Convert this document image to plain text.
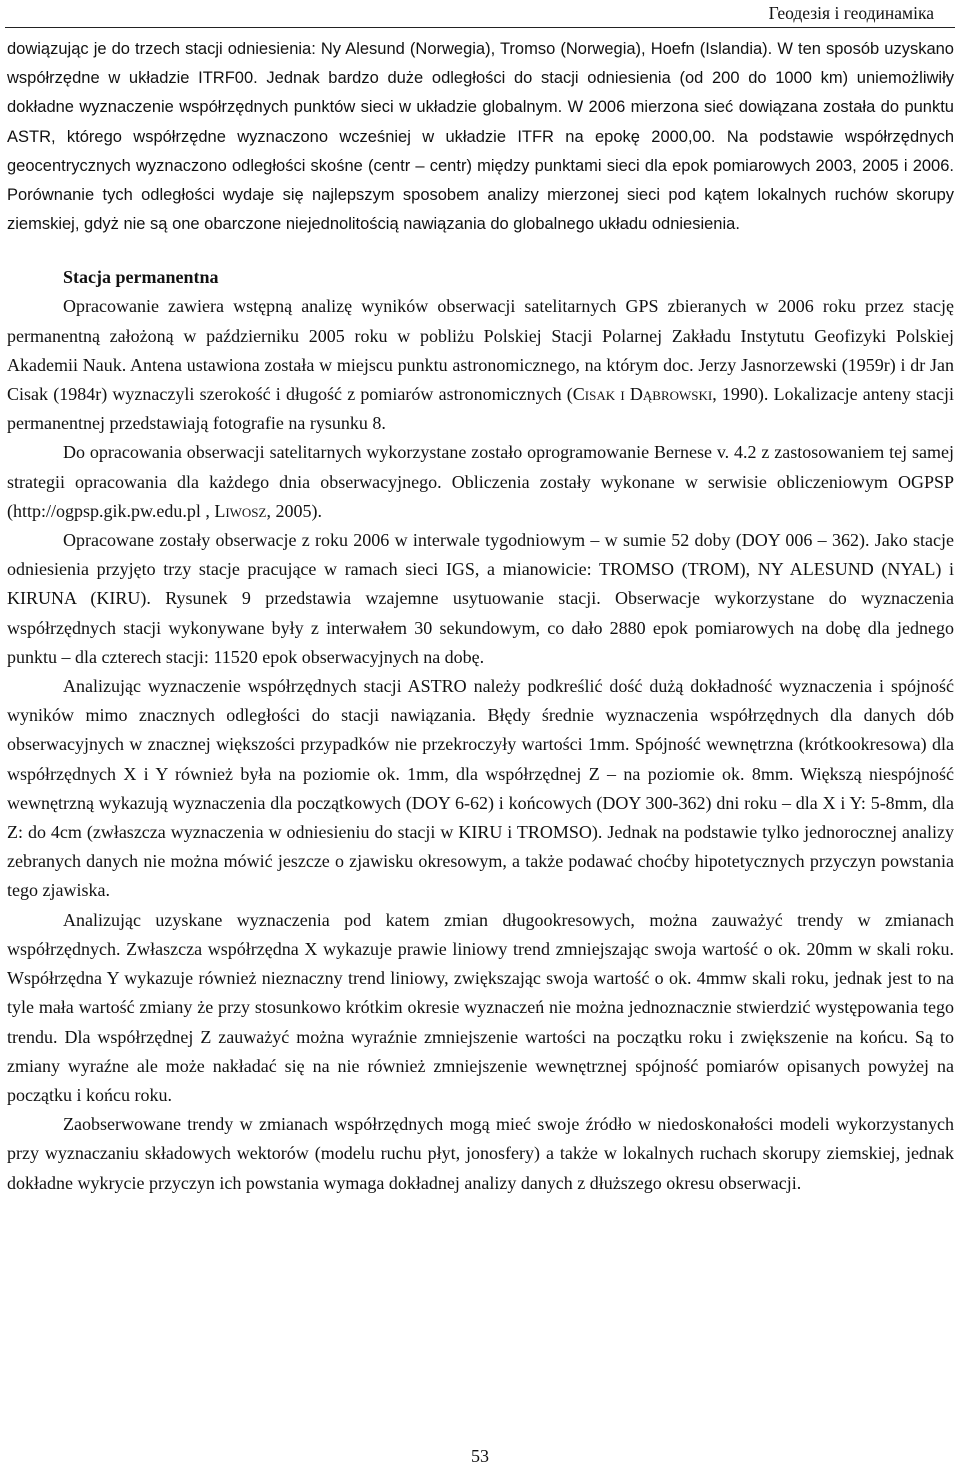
Геодезія і геодинаміка

dowiązując je do trzech stacji odniesienia: Ny Alesund (Norwegia), Tromso (Norwegia), Hoefn (Islandia). W ten sposób uzyskano współrzędne w układzie ITRF00. Jednak bardzo duże odległości do stacji odniesienia (od 200 do 1000 km) uniemożliwiły dokładne wyznaczenie współrzędnych punktów sieci w układzie globalnym. W 2006 mierzona sieć dowiązana została do punktu ASTR, którego współrzędne wyznaczono wcześniej w układzie ITFR na epokę 2000,00. Na podstawie współrzędnych geocentrycznych wyznaczono odległości skośne (centr – centr) między punktami sieci dla epok pomiarowych 2003, 2005 i 2006. Porównanie tych odległości wydaje się najlepszym sposobem analizy mierzonej sieci pod kątem lokalnych ruchów skorupy ziemskiej, gdyż nie są one obarczone niejednolitością nawiązania do globalnego układu odniesienia.

Stacja permanentna

Opracowanie zawiera wstępną analizę wyników obserwacji satelitarnych GPS zbieranych w 2006 roku przez stację permanentną założoną w październiku 2005 roku w pobliżu Polskiej Stacji Polarnej Zakładu Instytutu Geofizyki Polskiej Akademii Nauk. Antena ustawiona została w miejscu punktu astronomicznego, na którym doc. Jerzy Jasnorzewski (1959r) i dr Jan Cisak (1984r) wyznaczyli szerokość i długość z pomiarów astronomicznych (Cisak i Dąbrowski, 1990). Lokalizacje anteny stacji permanentnej przedstawiają fotografie na rysunku 8.

Do opracowania obserwacji satelitarnych wykorzystane zostało oprogramowanie Bernese v. 4.2 z zastosowaniem tej samej strategii opracowania dla każdego dnia obserwacyjnego. Obliczenia zostały wykonane w serwisie obliczeniowym OGPSP (http://ogpsp.gik.pw.edu.pl , Liwosz, 2005).

Opracowane zostały obserwacje z roku 2006 w interwale tygodniowym – w sumie 52 doby (DOY 006 – 362). Jako stacje odniesienia przyjęto trzy stacje pracujące w ramach sieci IGS, a mianowicie: TROMSO (TROM), NY ALESUND (NYAL) i KIRUNA (KIRU). Rysunek 9 przedstawia wzajemne usytuowanie stacji. Obserwacje wykorzystane do wyznaczenia współrzędnych stacji wykonywane były z interwałem 30 sekundowym, co dało 2880 epok pomiarowych na dobę dla jednego punktu – dla czterech stacji: 11520 epok obserwacyjnych na dobę.

Analizując wyznaczenie współrzędnych stacji ASTRO należy podkreślić dość dużą dokładność wyznaczenia i spójność wyników mimo znacznych odległości do stacji nawiązania. Błędy średnie wyznaczenia współrzędnych dla danych dób obserwacyjnych w znacznej większości przypadków nie przekroczyły wartości 1mm. Spójność wewnętrzna (krótkookresowa) dla współrzędnych X i Y również była na poziomie ok. 1mm, dla współrzędnej Z – na poziomie ok. 8mm. Większą niespójność wewnętrzną wykazują wyznaczenia dla początkowych (DOY 6-62) i końcowych (DOY 300-362) dni roku – dla X i Y: 5-8mm, dla Z: do 4cm (zwłaszcza wyznaczenia w odniesieniu do stacji w KIRU i TROMSO). Jednak na podstawie tylko jednorocznej analizy zebranych danych nie można mówić jeszcze o zjawisku okresowym, a także podawać choćby hipotetycznych przyczyn powstania tego zjawiska.

Analizując uzyskane wyznaczenia pod katem zmian długookresowych, można zauważyć trendy w zmianach współrzędnych. Zwłaszcza współrzędna X wykazuje prawie liniowy trend zmniejszając swoja wartość o ok. 20mm w skali roku. Współrzędna Y wykazuje również nieznaczny trend liniowy, zwiększając swoja wartość o ok. 4mmw skali roku, jednak jest to na tyle mała wartość zmiany że przy stosunkowo krótkim okresie wyznaczeń nie można jednoznacznie stwierdzić występowania tego trendu. Dla współrzędnej Z zauważyć można wyraźnie zmniejszenie wartości na początku roku i zwiększenie na końcu. Są to zmiany wyraźne ale może nakładać się na nie również zmniejszenie wewnętrznej spójność pomiarów opisanych powyżej na początku i końcu roku.

Zaobserwowane trendy w zmianach współrzędnych mogą mieć swoje źródło w niedoskonałości modeli wykorzystanych przy wyznaczaniu składowych wektorów (modelu ruchu płyt, jonosfery) a także w lokalnych ruchach skorupy ziemskiej, jednak dokładne wykrycie przyczyn ich powstania wymaga dokładnej analizy danych z dłuższego okresu obserwacji.

53
